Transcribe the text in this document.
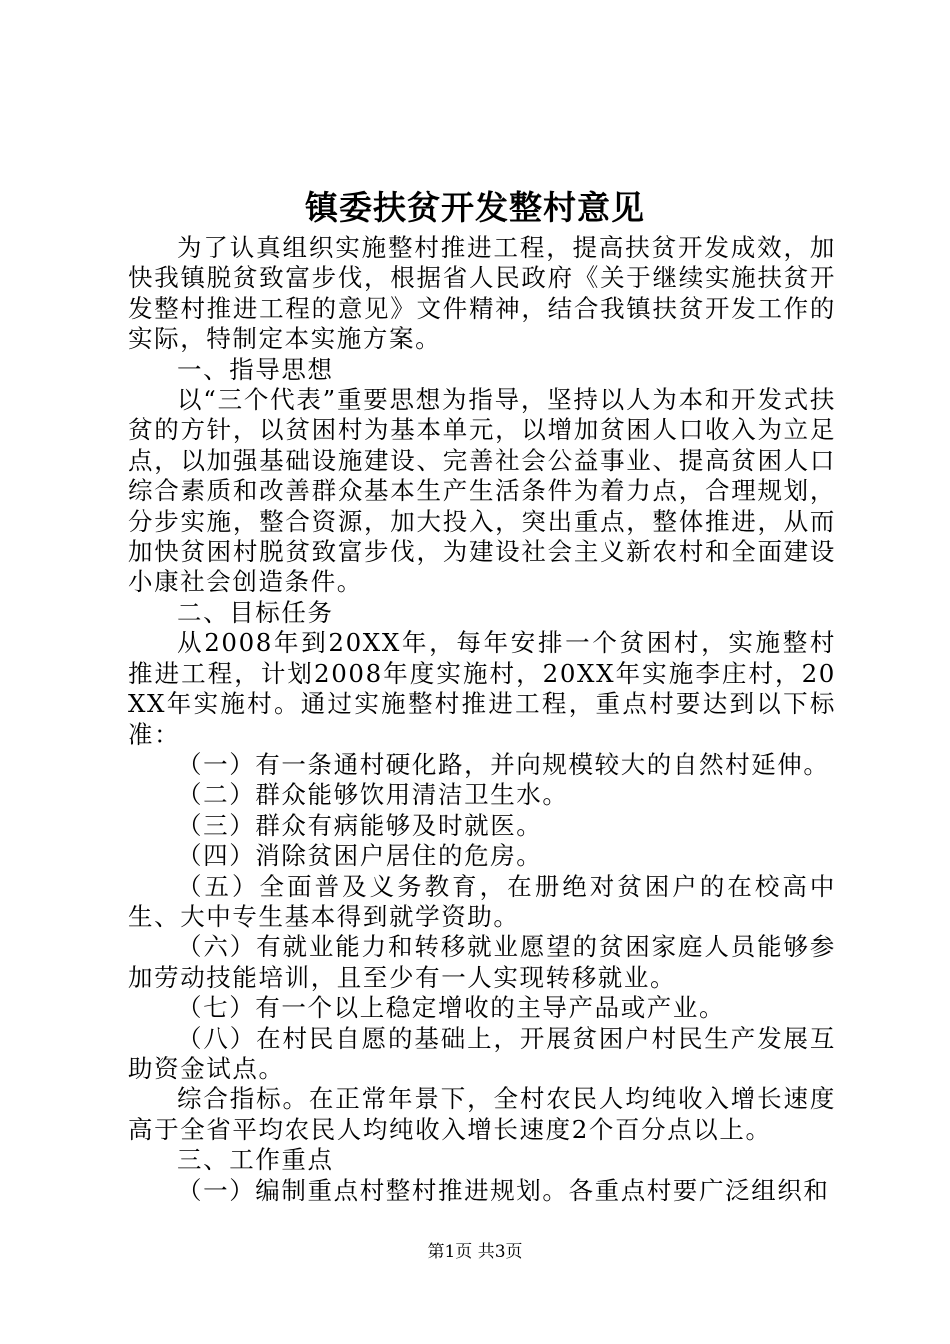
镇委扶贫开发整村意见

为了认真组织实施整村推进工程，提高扶贫开发成效，加快我镇脱贫致富步伐，根据省人民政府《关于继续实施扶贫开发整村推进工程的意见》文件精神，结合我镇扶贫开发工作的实际，特制定本实施方案。

一、指导思想

以“三个代表”重要思想为指导，坚持以人为本和开发式扶贫的方针，以贫困村为基本单元，以增加贫困人口收入为立足点，以加强基础设施建设、完善社会公益事业、提高贫困人口综合素质和改善群众基本生产生活条件为着力点，合理规划，分步实施，整合资源，加大投入，突出重点，整体推进，从而加快贫困村脱贫致富步伐，为建设社会主义新农村和全面建设小康社会创造条件。

二、目标任务

从2008年到20XX年，每年安排一个贫困村，实施整村推进工程，计划2008年度实施村，20XX年实施李庄村，20XX年实施村。通过实施整村推进工程，重点村要达到以下标准：

（一）有一条通村硬化路，并向规模较大的自然村延伸。

（二）群众能够饮用清洁卫生水。

（三）群众有病能够及时就医。

（四）消除贫困户居住的危房。

（五）全面普及义务教育，在册绝对贫困户的在校高中生、大中专生基本得到就学资助。

（六）有就业能力和转移就业愿望的贫困家庭人员能够参加劳动技能培训，且至少有一人实现转移就业。

（七）有一个以上稳定增收的主导产品或产业。

（八）在村民自愿的基础上，开展贫困户村民生产发展互助资金试点。

综合指标。在正常年景下，全村农民人均纯收入增长速度高于全省平均农民人均纯收入增长速度2个百分点以上。

三、工作重点

（一）编制重点村整村推进规划。各重点村要广泛组织和

第1页 共3页
